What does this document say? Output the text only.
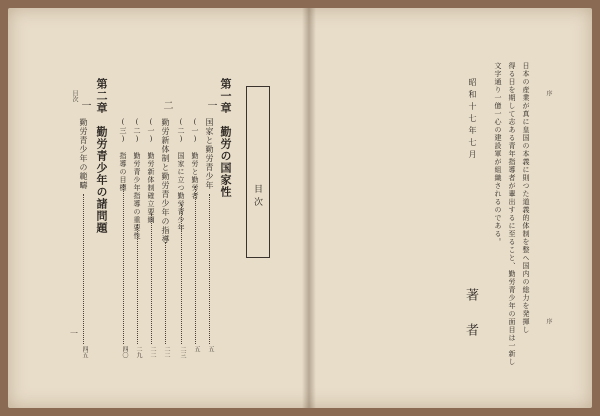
目次
目次
第一章　勤労の国家性
一
国家と勤労青少年
五
(一)　勤労と勤労者
五
(二)　国家に立つ勤労青少年
二三
二
勤労新体制と勤労青少年の指導
二二
(一)　勤労新体制確立要綱
二二
(二)　勤労青少年指導の重要性
二九
(三)　指導の目標
四〇
第二章　勤労青少年の諸問題
一
勤労青少年の範疇
四五
一
序
日本の産業が真に皇国の本義に則つた道義的体制を整へ国内の総力を発揮し
得る日を期して志ある青年指導者が輩出するに至ること、勤労青少年の面目は一新し
文字通り一億一心の建設軍が組織されるのである。
昭和十七年七月
著者	序
